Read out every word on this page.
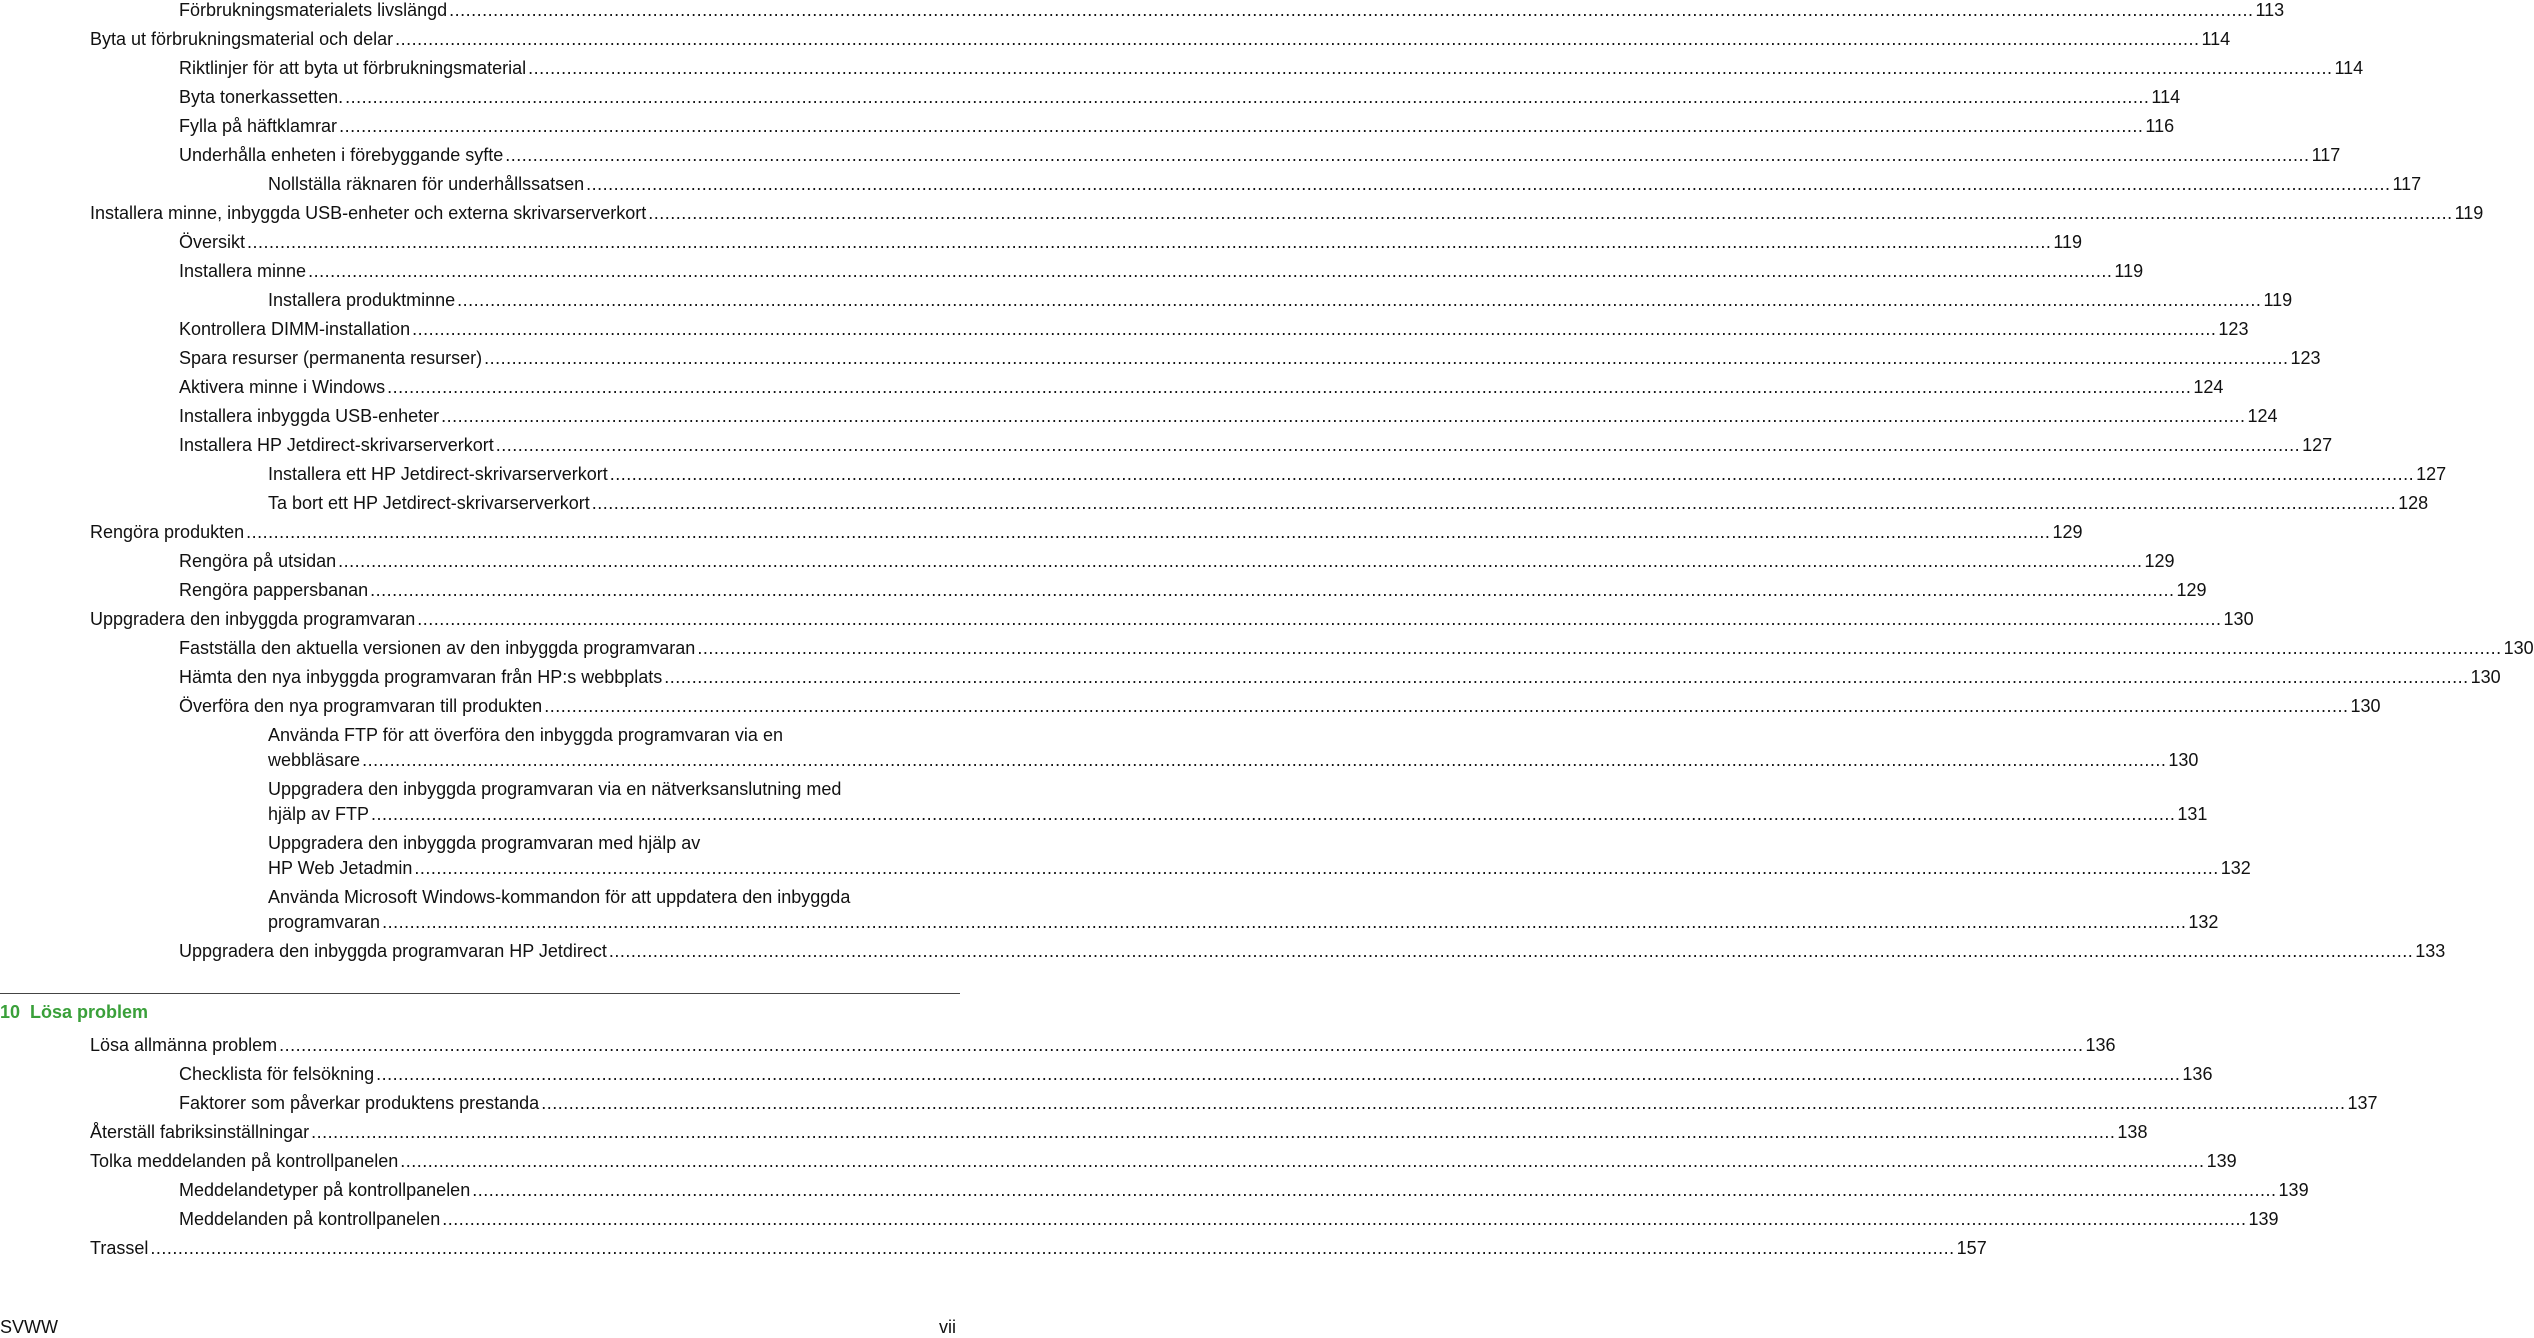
Förbrukningsmaterialets livslängd .....	113
Byta ut förbrukningsmaterial och delar .....	114
Riktlinjer för att byta ut förbrukningsmaterial .....	114
Byta tonerkassetten. .....	114
Fylla på häftklamrar .....	116
Underhålla enheten i förebyggande syfte .....	117
Nollställa räknaren för underhållssatsen .....	117
Installera minne, inbyggda USB-enheter och externa skrivarserverkort .....	119
Översikt .....	119
Installera minne .....	119
Installera produktminne .....	119
Kontrollera DIMM-installation .....	123
Spara resurser (permanenta resurser) .....	123
Aktivera minne i Windows .....	124
Installera inbyggda USB-enheter .....	124
Installera HP Jetdirect-skrivarserverkort .....	127
Installera ett HP Jetdirect-skrivarserverkort .....	127
Ta bort ett HP Jetdirect-skrivarserverkort .....	128
Rengöra produkten .....	129
Rengöra på utsidan .....	129
Rengöra pappersbanan .....	129
Uppgradera den inbyggda programvaran .....	130
Fastställa den aktuella versionen av den inbyggda programvaran .....	130
Hämta den nya inbyggda programvaran från HP:s webbplats .....	130
Överföra den nya programvaran till produkten .....	130
Använda FTP för att överföra den inbyggda programvaran via en
webbläsare .....	130
Uppgradera den inbyggda programvaran via en nätverksanslutning med
hjälp av FTP .....	131
Uppgradera den inbyggda programvaran med hjälp av
HP Web Jetadmin .....	132
Använda Microsoft Windows-kommandon för att uppdatera den inbyggda
programvaran .....	132
Uppgradera den inbyggda programvaran HP Jetdirect .....	133
10 Lösa problem
Lösa allmänna problem .....	136
Checklista för felsökning .....	136
Faktorer som påverkar produktens prestanda .....	137
Återställ fabriksinställningar .....	138
Tolka meddelanden på kontrollpanelen .....	139
Meddelandetyper på kontrollpanelen .....	139
Meddelanden på kontrollpanelen .....	139
Trassel .....	157
SVWW	vii
